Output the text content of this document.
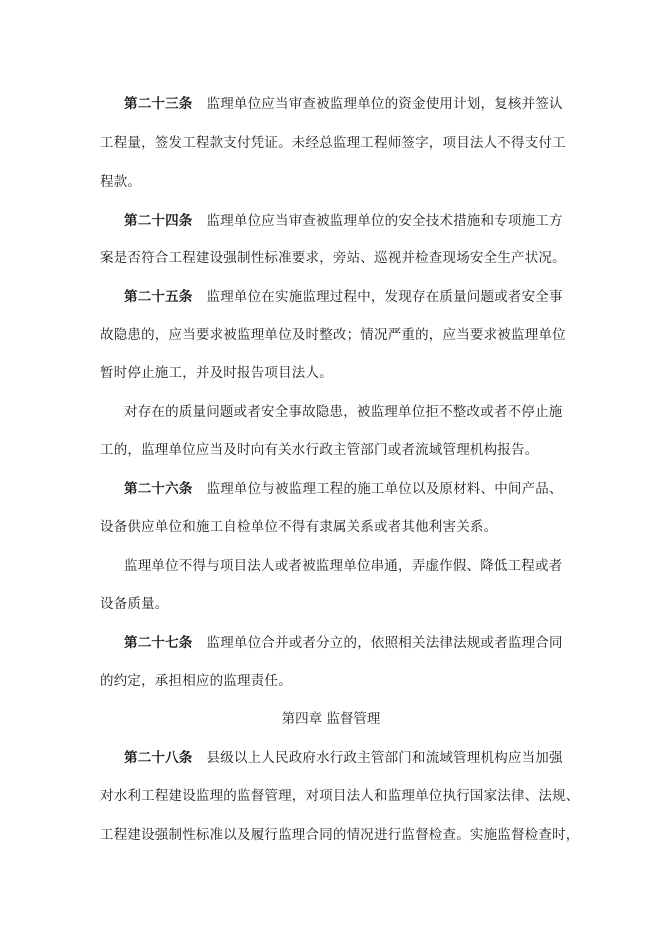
第二十三条 监理单位应当审查被监理单位的资金使用计划，复核并签认
工程量，签发工程款支付凭证。未经总监理工程师签字，项目法人不得支付工
程款。
第二十四条 监理单位应当审查被监理单位的安全技术措施和专项施工方
案是否符合工程建设强制性标准要求，旁站、巡视并检查现场安全生产状况。
第二十五条 监理单位在实施监理过程中，发现存在质量问题或者安全事
故隐患的，应当要求被监理单位及时整改；情况严重的，应当要求被监理单位
暂时停止施工，并及时报告项目法人。
对存在的质量问题或者安全事故隐患，被监理单位拒不整改或者不停止施
工的，监理单位应当及时向有关水行政主管部门或者流域管理机构报告。
第二十六条 监理单位与被监理工程的施工单位以及原材料、中间产品、
设备供应单位和施工自检单位不得有隶属关系或者其他利害关系。
监理单位不得与项目法人或者被监理单位串通，弄虚作假、降低工程或者
设备质量。
第二十七条 监理单位合并或者分立的，依照相关法律法规或者监理合同
的约定，承担相应的监理责任。
第四章 监督管理
第二十八条 县级以上人民政府水行政主管部门和流域管理机构应当加强
对水利工程建设监理的监督管理，对项目法人和监理单位执行国家法律、法规、
工程建设强制性标准以及履行监理合同的情况进行监督检查。实施监督检查时，
